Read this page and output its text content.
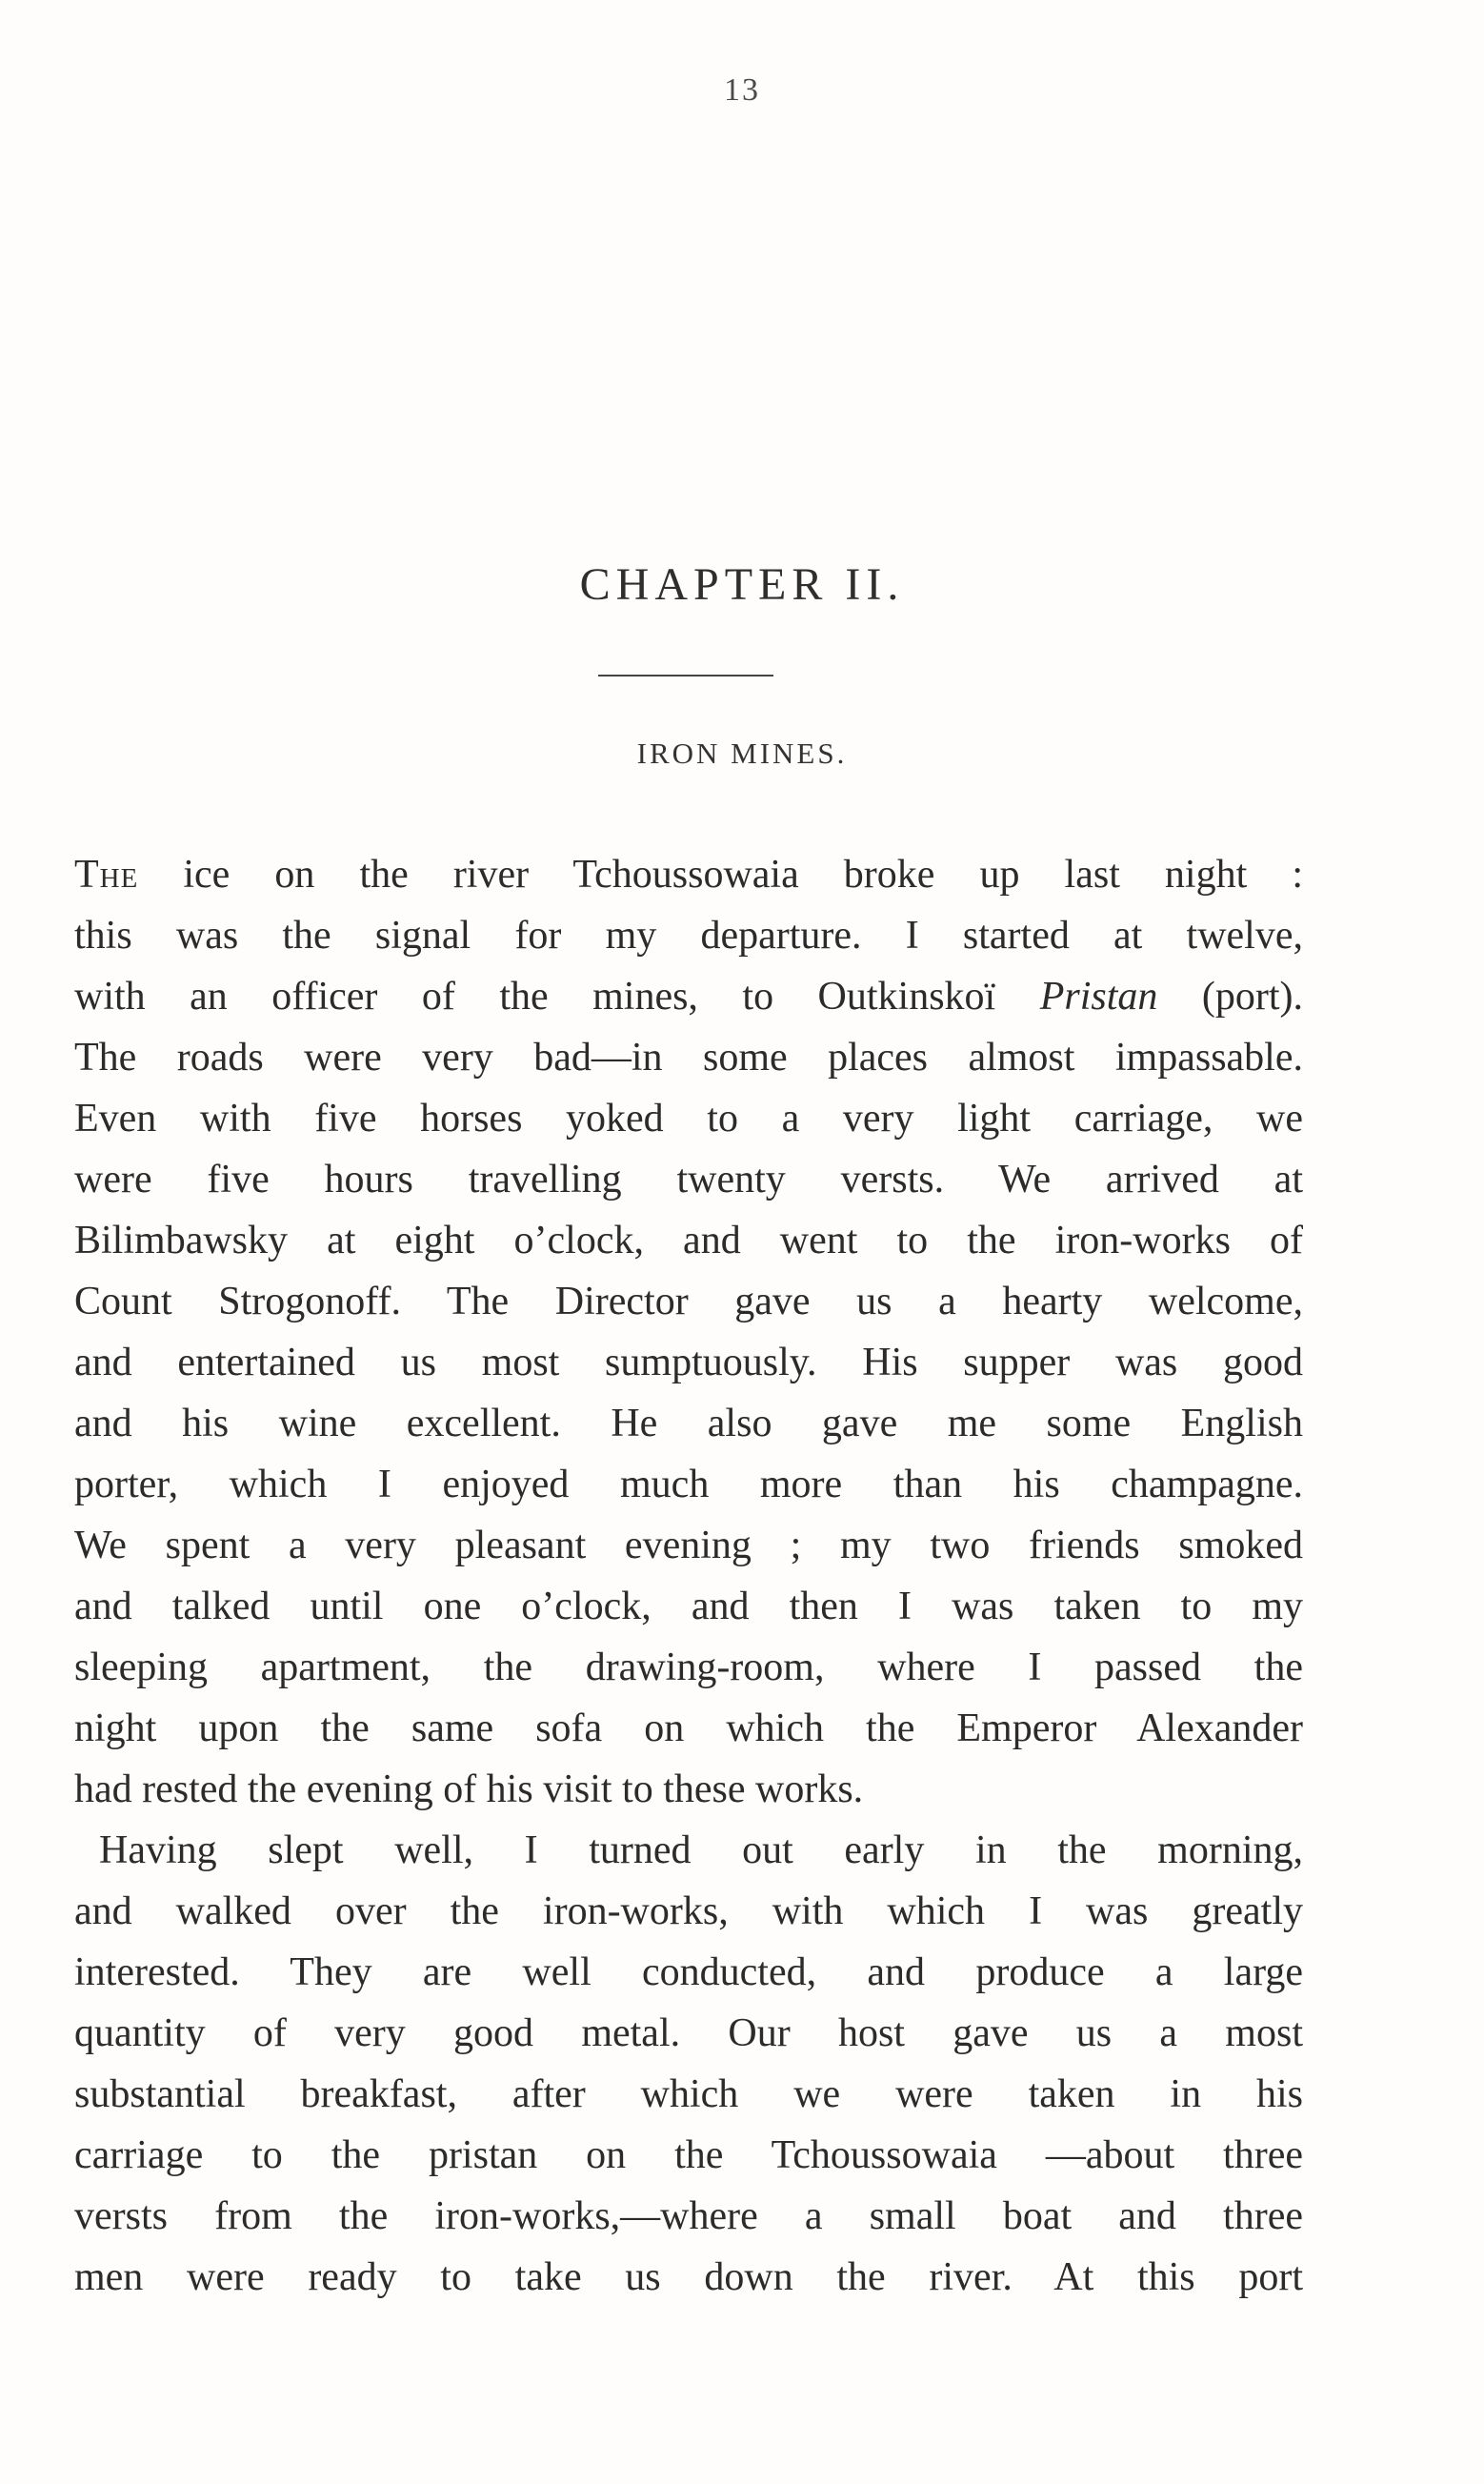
13
CHAPTER II.
IRON MINES.
The ice on the river Tchoussowaia broke up last night :
this was the signal for my departure. I started at twelve,
with an officer of the mines, to Outkinskoï Pristan (port).
The roads were very bad—in some places almost impassable.
Even with five horses yoked to a very light carriage, we
were five hours travelling twenty versts. We arrived at
Bilimbawsky at eight o’clock, and went to the iron-works of
Count Strogonoff. The Director gave us a hearty welcome,
and entertained us most sumptuously. His supper was good
and his wine excellent. He also gave me some English
porter, which I enjoyed much more than his champagne.
We spent a very pleasant evening ; my two friends smoked
and talked until one o’clock, and then I was taken to my
sleeping apartment, the drawing-room, where I passed the
night upon the same sofa on which the Emperor Alexander
had rested the evening of his visit to these works.
Having slept well, I turned out early in the morning,
and walked over the iron-works, with which I was greatly
interested. They are well conducted, and produce a large
quantity of very good metal. Our host gave us a most
substantial breakfast, after which we were taken in his
carriage to the pristan on the Tchoussowaia —about three
versts from the iron-works,—where a small boat and three
men were ready to take us down the river. At this port
